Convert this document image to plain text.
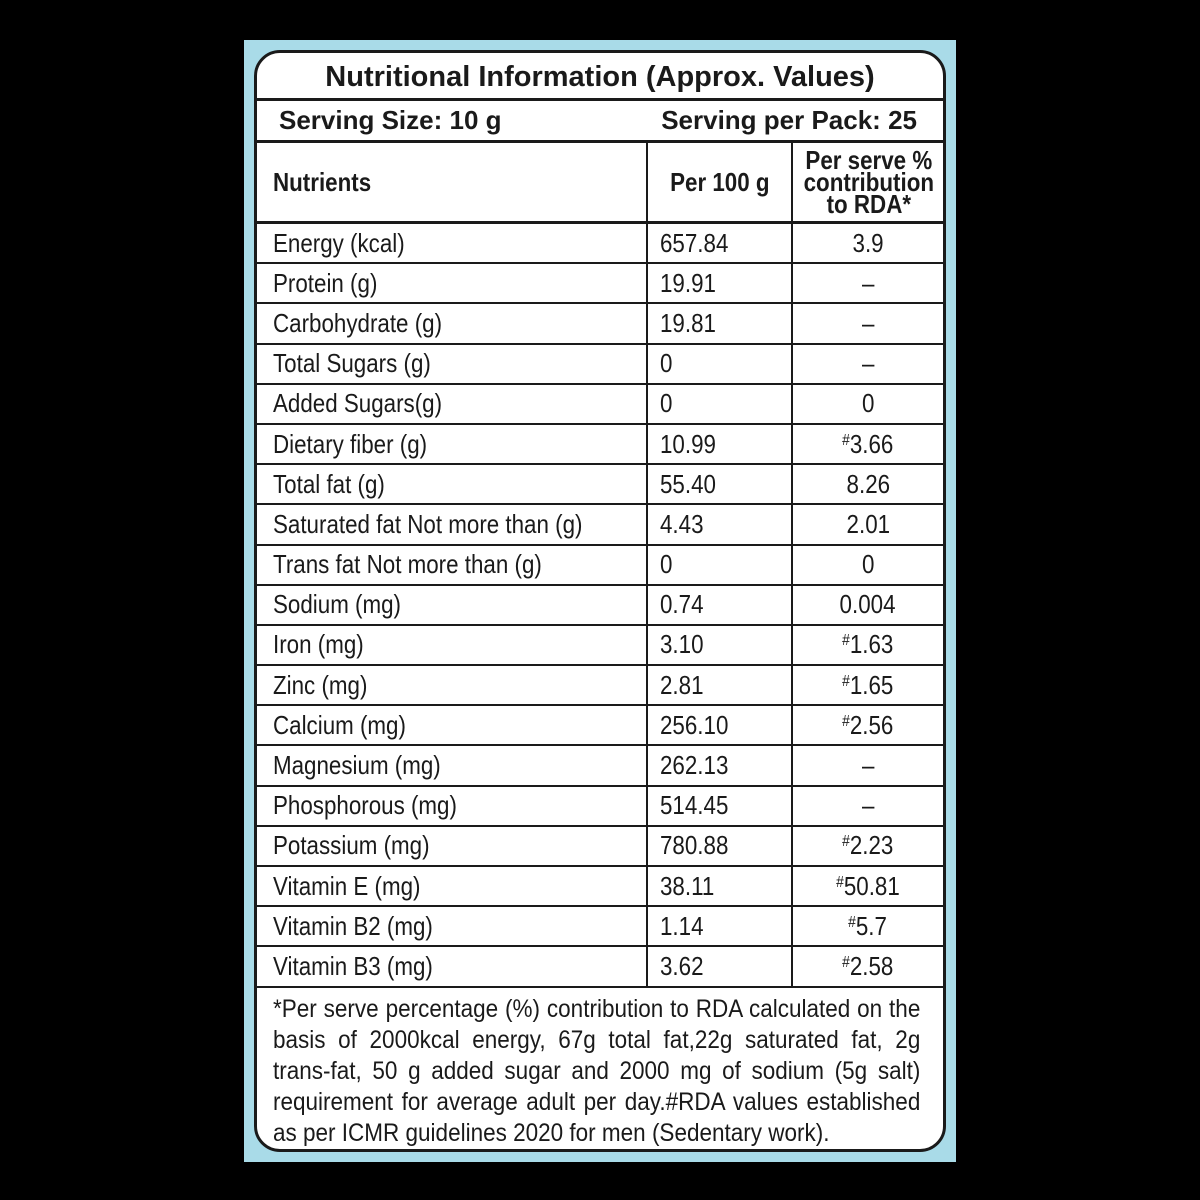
Nutritional Information (Approx. Values)
Serving Size: 10 g	Serving per Pack: 25
Nutrients	Per 100 g	Per serve % contribution to RDA*
Energy (kcal)	657.84	3.9
Protein (g)	19.91	–
Carbohydrate (g)	19.81	–
Total Sugars (g)	0	–
Added Sugars(g)	0	0
Dietary fiber (g)	10.99	#3.66
Total fat (g)	55.40	8.26
Saturated fat Not more than (g)	4.43	2.01
Trans fat Not more than (g)	0	0
Sodium (mg)	0.74	0.004
Iron (mg)	3.10	#1.63
Zinc (mg)	2.81	#1.65
Calcium (mg)	256.10	#2.56
Magnesium (mg)	262.13	–
Phosphorous (mg)	514.45	–
Potassium (mg)	780.88	#2.23
Vitamin E (mg)	38.11	#50.81
Vitamin B2 (mg)	1.14	#5.7
Vitamin B3 (mg)	3.62	#2.58
*Per serve percentage (%) contribution to RDA calculated on the basis of 2000kcal energy, 67g total fat,22g saturated fat, 2g trans-fat, 50 g added sugar and 2000 mg of sodium (5g salt) requirement for average adult per day.#RDA values established as per ICMR guidelines 2020 for men (Sedentary work).
